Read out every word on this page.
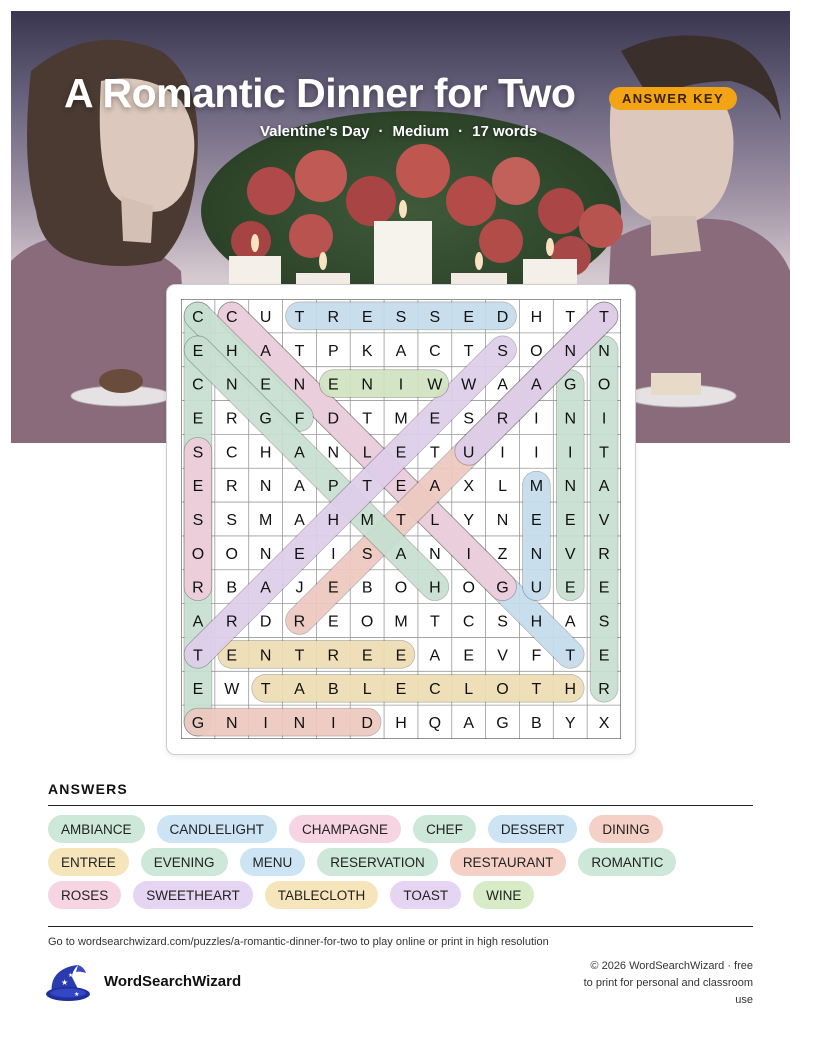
A Romantic Dinner for Two	ANSWER KEY
Valentine's Day · Medium · 17 words
C C U T R E S S E D H T T
E H A T P K A C T S O N N
C N E N E N I W W A A G O
E R G F D T M E S R I N I
S C H A N L E T U I I I T
E R N A P T E A X L M N A
S S M A H M T L Y N E E V
O O N E I S A N I Z N V R
R B A J E B O H O G U E E
A R D R E O M T C S H A S
T E N T R E E A E V F T E
E W T A B L E C L O T H R
G N I N I D H Q A G B Y X
ANSWERS
AMBIANCE	CANDLELIGHT	CHAMPAGNE	CHEF	DESSERT	DINING
ENTREE	EVENING	MENU	RESERVATION	RESTAURANT	ROMANTIC
ROSES	SWEETHEART	TABLECLOTH	TOAST	WINE
Go to wordsearchwizard.com/puzzles/a-romantic-dinner-for-two to play online or print in high resolution
★
★
★
WordSearchWizard
© 2026 WordSearchWizard · free to print for personal and classroom use
